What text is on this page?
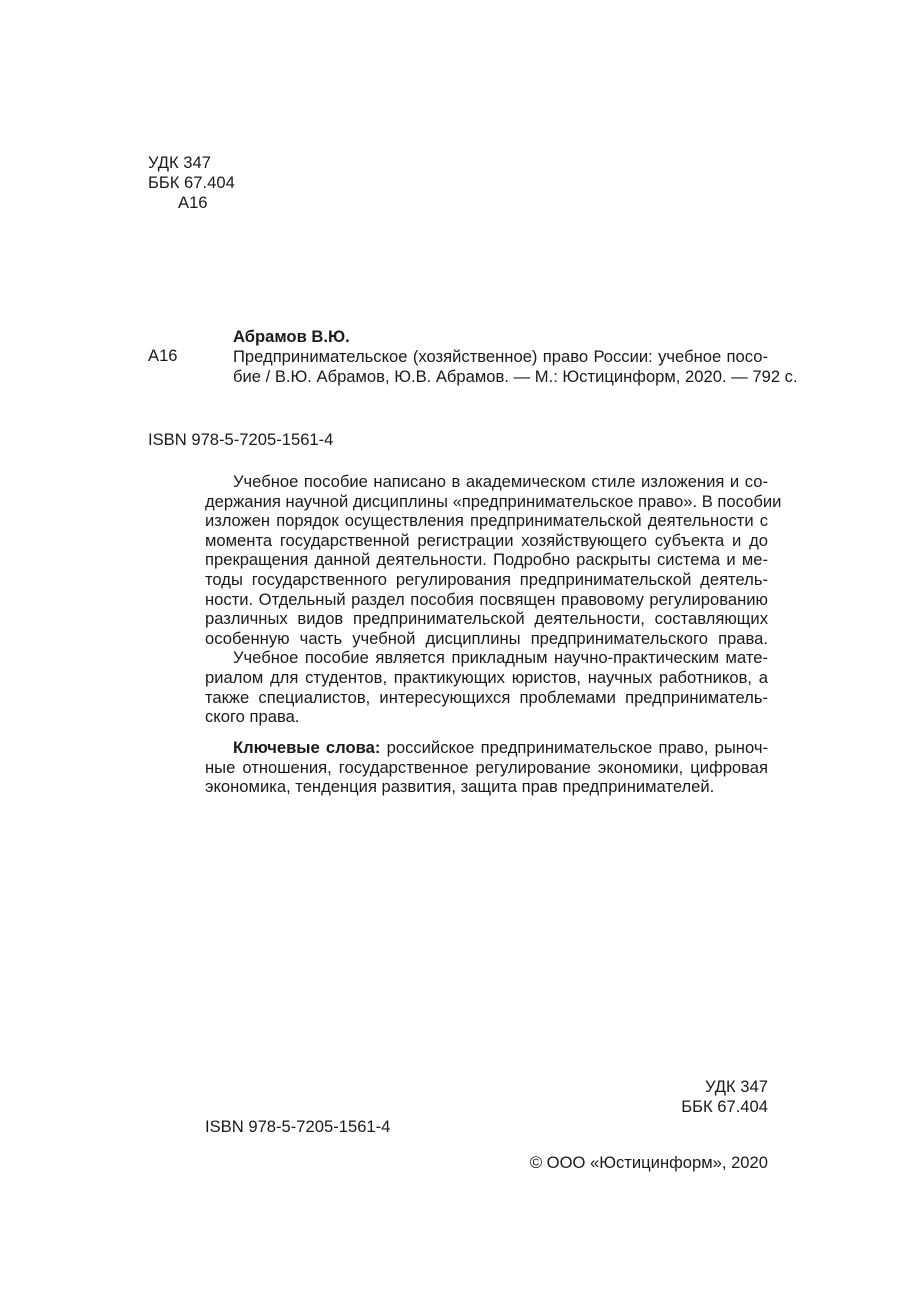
УДК 347
ББК 67.404
А16
А16
Абрамов В.Ю.
Предпринимательское (хозяйственное) право России: учебное посо-
бие / В.Ю. Абрамов, Ю.В. Абрамов. — М.: Юстицинформ, 2020. — 792 с.
ISBN 978-5-7205-1561-4
Учебное пособие написано в академическом стиле изложения и со-
держания научной дисциплины «предпринимательское право». В пособии
изложен порядок осуществления предпринимательской деятельности с
момента государственной регистрации хозяйствующего субъекта и до
прекращения данной деятельности. Подробно раскрыты система и ме-
тоды государственного регулирования предпринимательской деятель-
ности. Отдельный раздел пособия посвящен правовому регулированию
различных видов предпринимательской деятельности, составляющих
особенную часть учебной дисциплины предпринимательского права.
Учебное пособие является прикладным научно-практическим мате-
риалом для студентов, практикующих юристов, научных работников, а
также специалистов, интересующихся проблемами предприниматель-
ского права.
Ключевые слова: российское предпринимательское право, рыноч-
ные отношения, государственное регулирование экономики, цифровая
экономика, тенденция развития, защита прав предпринимателей.
УДК 347
ББК 67.404
ISBN 978-5-7205-1561-4
© ООО «Юстицинформ», 2020
